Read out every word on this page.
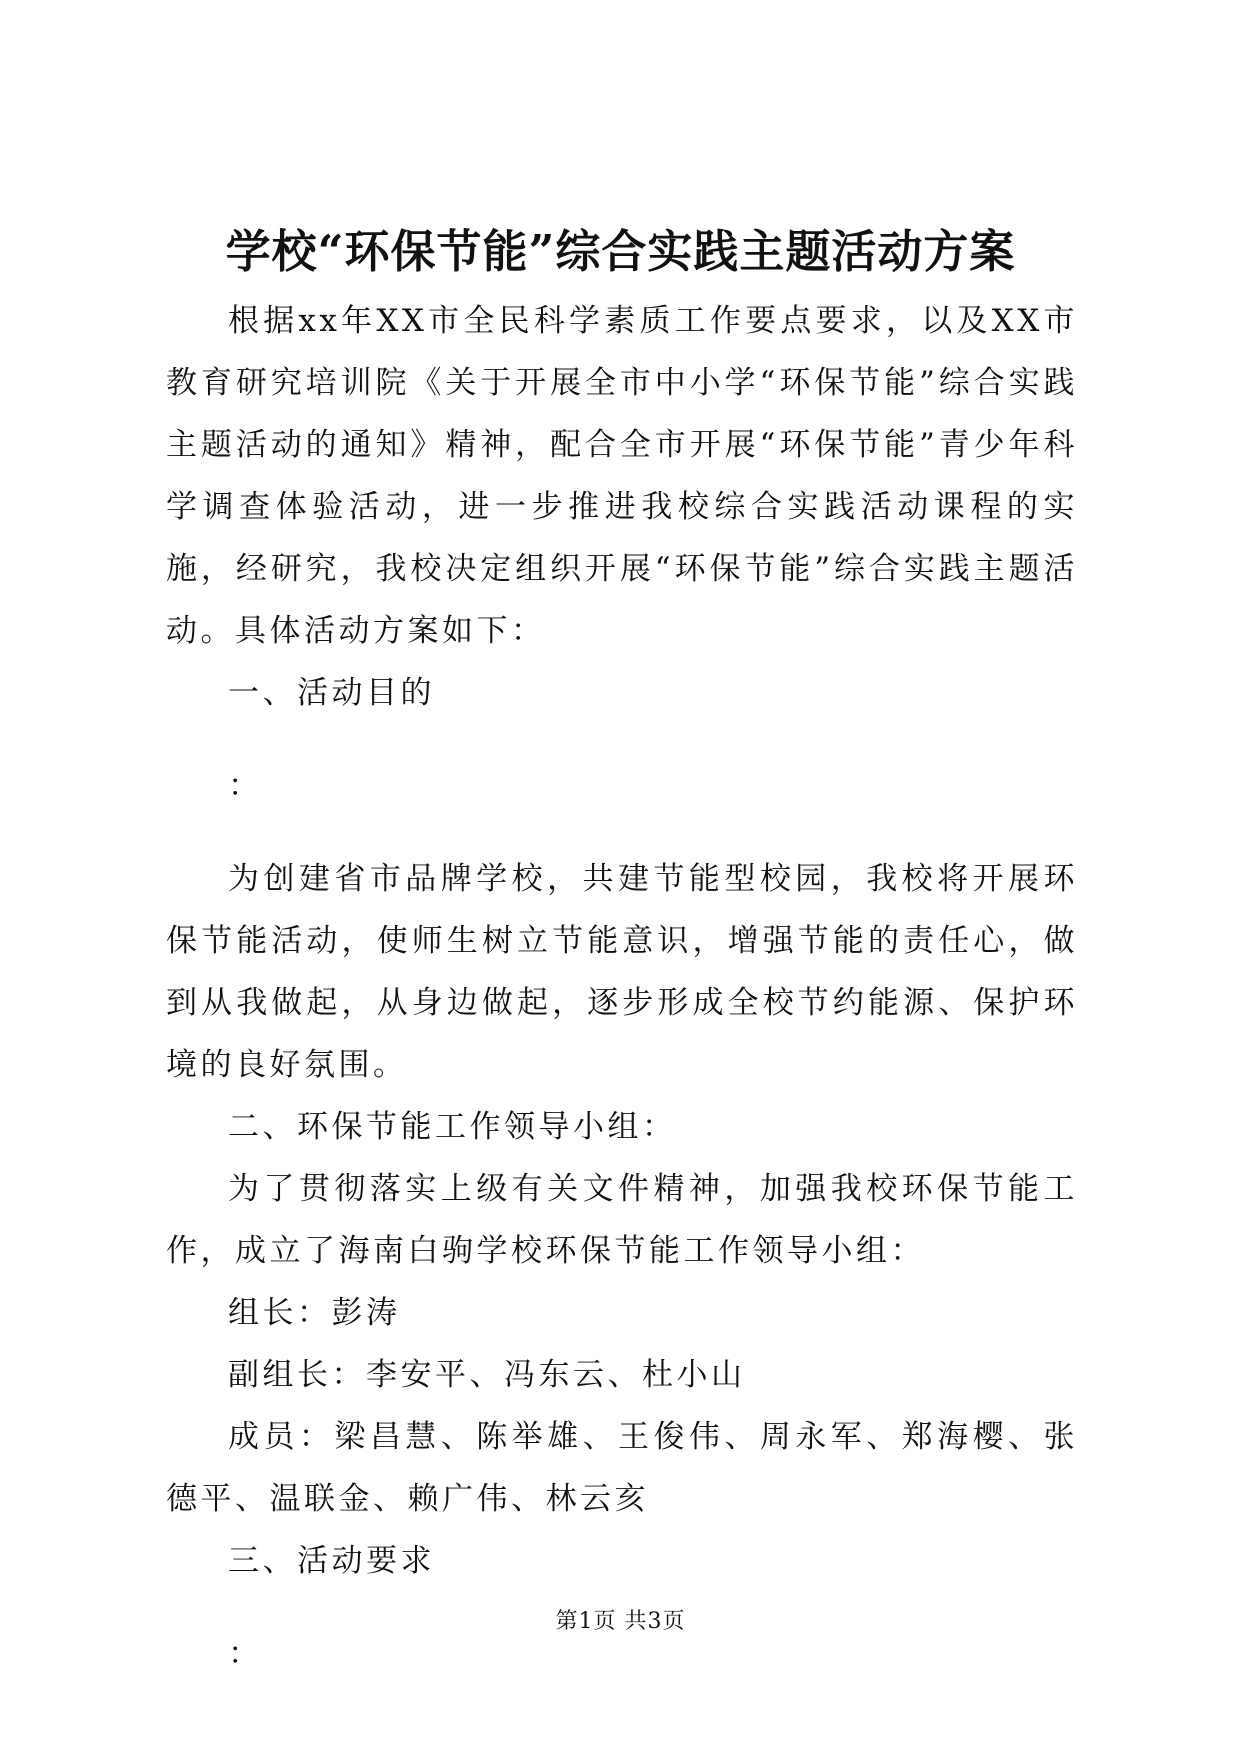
学校“环保节能”综合实践主题活动方案

根据xx年XX市全民科学素质工作要点要求，以及XX市教育研究培训院《关于开展全市中小学“环保节能”综合实践主题活动的通知》精神，配合全市开展“环保节能”青少年科学调查体验活动，进一步推进我校综合实践活动课程的实施，经研究，我校决定组织开展“环保节能”综合实践主题活动。具体活动方案如下：

一、活动目的

：

为创建省市品牌学校，共建节能型校园，我校将开展环保节能活动，使师生树立节能意识，增强节能的责任心，做到从我做起，从身边做起，逐步形成全校节约能源、保护环境的良好氛围。

二、环保节能工作领导小组：

为了贯彻落实上级有关文件精神，加强我校环保节能工作，成立了海南白驹学校环保节能工作领导小组：

组长：彭涛

副组长：李安平、冯东云、杜小山

成员：梁昌慧、陈举雄、王俊伟、周永军、郑海樱、张德平、温联金、赖广伟、林云亥

三、活动要求

：

第1页 共3页
